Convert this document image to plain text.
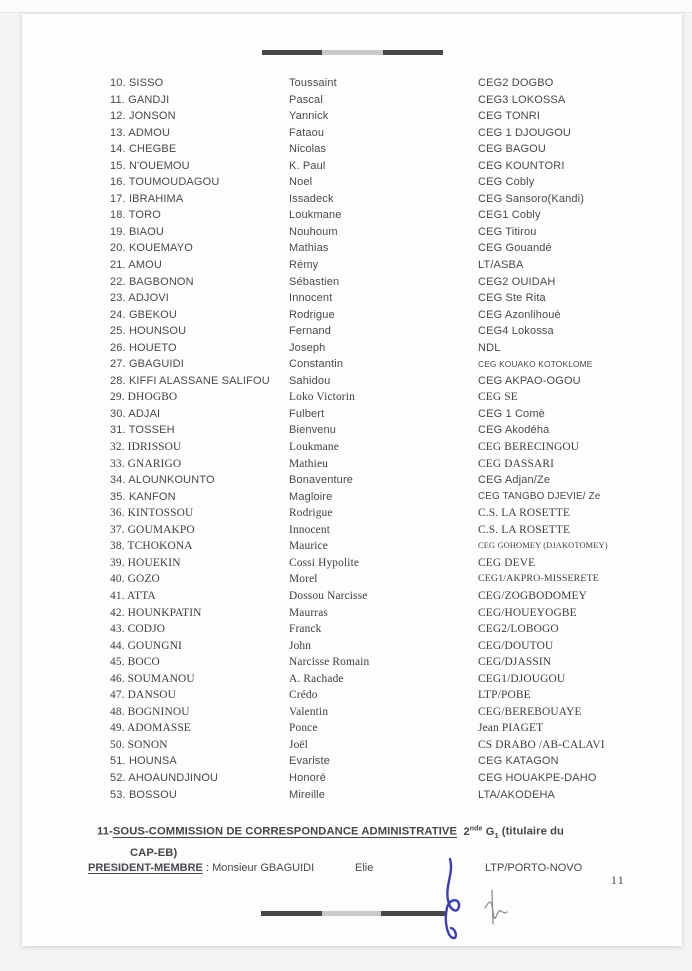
10. SISSO	Toussaint	CEG2 DOGBO
11. GANDJI	Pascal	CEG3 LOKOSSA
12. JONSON	Yannick	CEG TONRI
13. ADMOU	Fataou	CEG 1 DJOUGOU
14. CHEGBE	Nicolas	CEG BAGOU
15. N'OUEMOU	K. Paul	CEG KOUNTORI
16. TOUMOUDAGOU	Noel	CEG Cobly
17. IBRAHIMA	Issadeck	CEG Sansoro(Kandi)
18. TORO	Loukmane	CEG1 Cobly
19. BIAOU	Nouhoum	CEG Titirou
20. KOUEMAYO	Mathias	CEG Gouandé
21. AMOU	Rémy	LT/ASBA
22. BAGBONON	Sébastien	CEG2 OUIDAH
23. ADJOVI	Innocent	CEG Ste Rita
24. GBEKOU	Rodrigue	CEG Azonlihouè
25. HOUNSOU	Fernand	CEG4 Lokossa
26. HOUETO	Joseph	NDL
27. GBAGUIDI	Constantin	CEG KOUAKO KOTOKLOME
28. KIFFI ALASSANE SALIFOU	Sahidou	CEG AKPAO-OGOU
29. DHOGBO	Loko Victorin	CEG SE
30. ADJAI	Fulbert	CEG 1 Comè
31. TOSSEH	Bienvenu	CEG Akodéha
32. IDRISSOU	Loukmane	CEG BERECINGOU
33. GNARIGO	Mathieu	CEG DASSARI
34. ALOUNKOUNTO	Bonaventure	CEG Adjan/Ze
35. KANFON	Magloire	CEG TANGBO DJEVIE/ Ze
36. KINTOSSOU	Rodrigue	C.S. LA ROSETTE
37. GOUMAKPO	Innocent	C.S. LA ROSETTE
38. TCHOKONA	Maurice	CEG GOHOMEY (DJAKOTOMEY)
39. HOUEKIN	Cossi Hypolite	CEG DEVE
40. GOZO	Morel	CEG1/AKPRO-MISSERETE
41. ATTA	Dossou Narcisse	CEG/ZOGBODOMEY
42. HOUNKPATIN	Maurras	CEG/HOUEYOGBE
43. CODJO	Franck	CEG2/LOBOGO
44. GOUNGNI	John	CEG/DOUTOU
45. BOCO	Narcisse Romain	CEG/DJASSIN
46. SOUMANOU	A. Rachade	CEG1/DJOUGOU
47. DANSOU	Crédo	LTP/POBE
48. BOGNINOU	Valentin	CEG/BEREBOUAYE
49. ADOMASSE	Ponce	Jean PIAGET
50. SONON	Joël	CS DRABO /AB-CALAVI
51. HOUNSA	Evariste	CEG KATAGON
52. AHOAUNDJINOU	Honoré	CEG HOUAKPE-DAHO
53. BOSSOU	Mireille	LTA/AKODEHA
11-SOUS-COMMISSION DE CORRESPONDANCE ADMINISTRATIVE 2nde $G_1$ (titulaire du
CAP-EB)
PRESIDENT-MEMBRE : Monsieur GBAGUIDI	Elie	LTP/PORTO-NOVO
11
